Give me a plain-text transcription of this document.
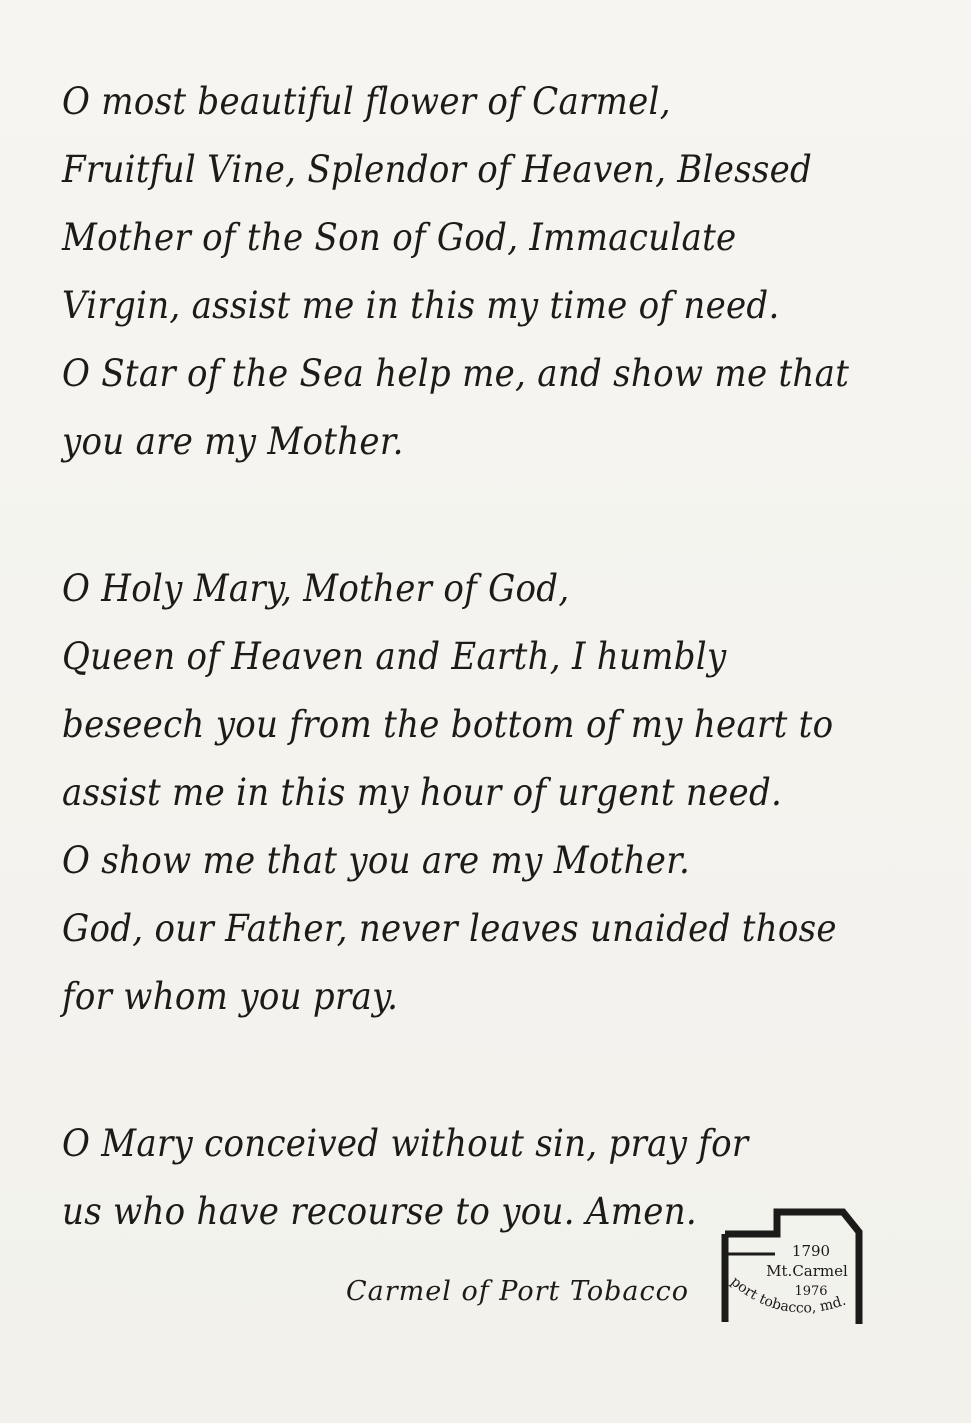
O most beautiful flower of Carmel,
Fruitful Vine, Splendor of Heaven, Blessed
Mother of the Son of God, Immaculate
Virgin, assist me in this my time of need.
O Star of the Sea help me, and show me that
you are my Mother.
O Holy Mary, Mother of God,
Queen of Heaven and Earth, I humbly
beseech you from the bottom of my heart to
assist me in this my hour of urgent need.
O show me that you are my Mother.
God, our Father, never leaves unaided those
for whom you pray.
O Mary conceived without sin, pray for
us who have recourse to you. Amen.
Carmel of Port Tobacco
1790
Mt.Carmel
1976
port tobacco, md.
